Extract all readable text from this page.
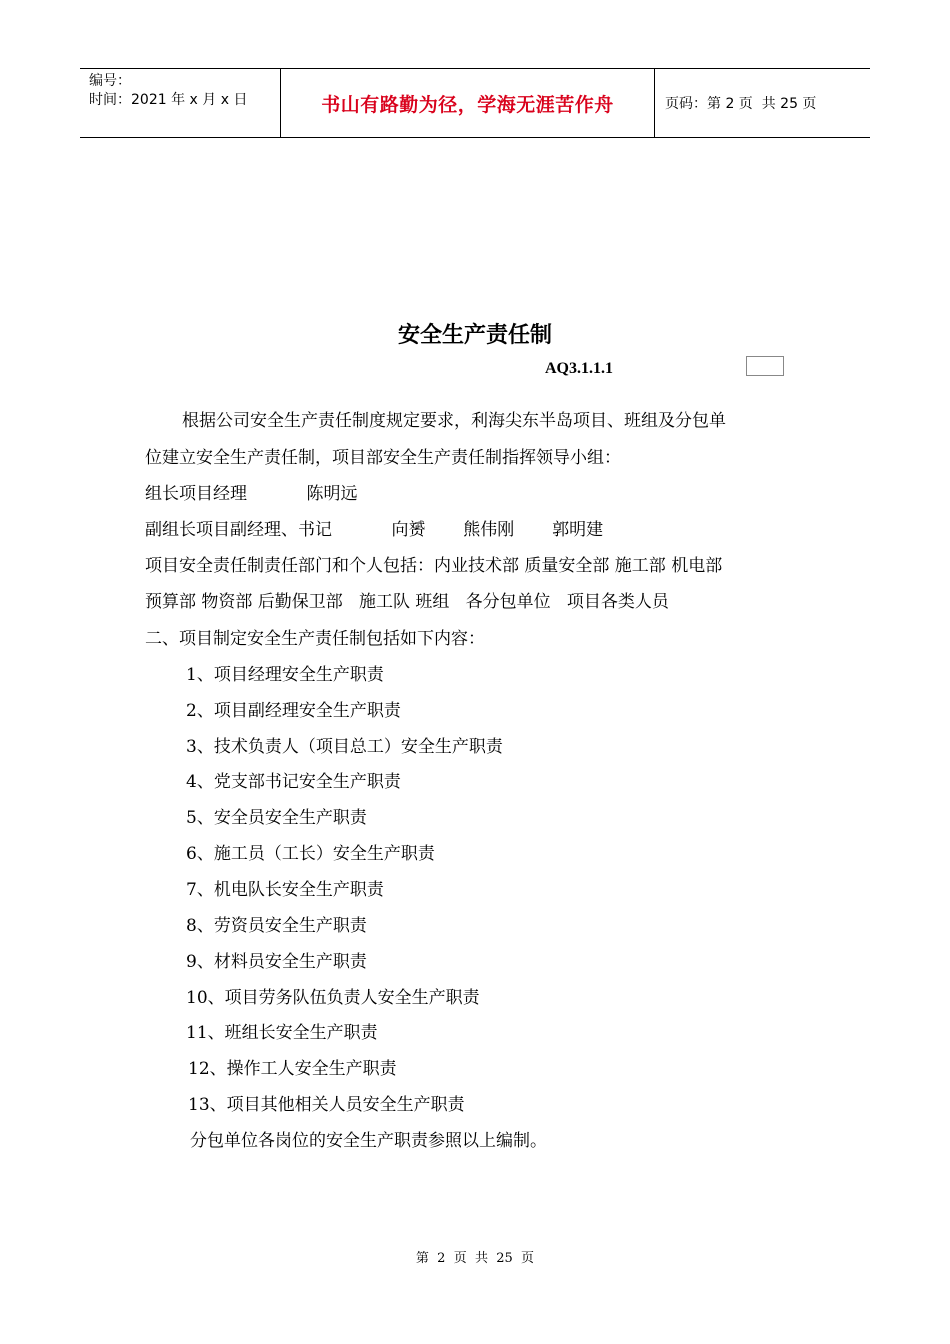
编号：
时间：2021 年 x 月 x 日	书山有路勤为径，学海无涯苦作舟	页码：第 2 页  共 25 页
安全生产责任制
AQ3.1.1.1
根据公司安全生产责任制度规定要求，利海尖东半岛项目、班组及分包单
位建立安全生产责任制，项目部安全生产责任制指挥领导小组：
组长项目经理           陈明远
副组长项目副经理、书记           向赟       熊伟刚       郭明建
项目安全责任制责任部门和个人包括：内业技术部 质量安全部 施工部 机电部
预算部 物资部 后勤保卫部   施工队 班组   各分包单位   项目各类人员
二、项目制定安全生产责任制包括如下内容：
1、项目经理安全生产职责
2、项目副经理安全生产职责
3、技术负责人（项目总工）安全生产职责
4、党支部书记安全生产职责
5、安全员安全生产职责
6、施工员（工长）安全生产职责
7、机电队长安全生产职责
8、劳资员安全生产职责
9、材料员安全生产职责
10、项目劳务队伍负责人安全生产职责
11、班组长安全生产职责
12、操作工人安全生产职责
13、项目其他相关人员安全生产职责
分包单位各岗位的安全生产职责参照以上编制。
第  2  页  共  25  页
